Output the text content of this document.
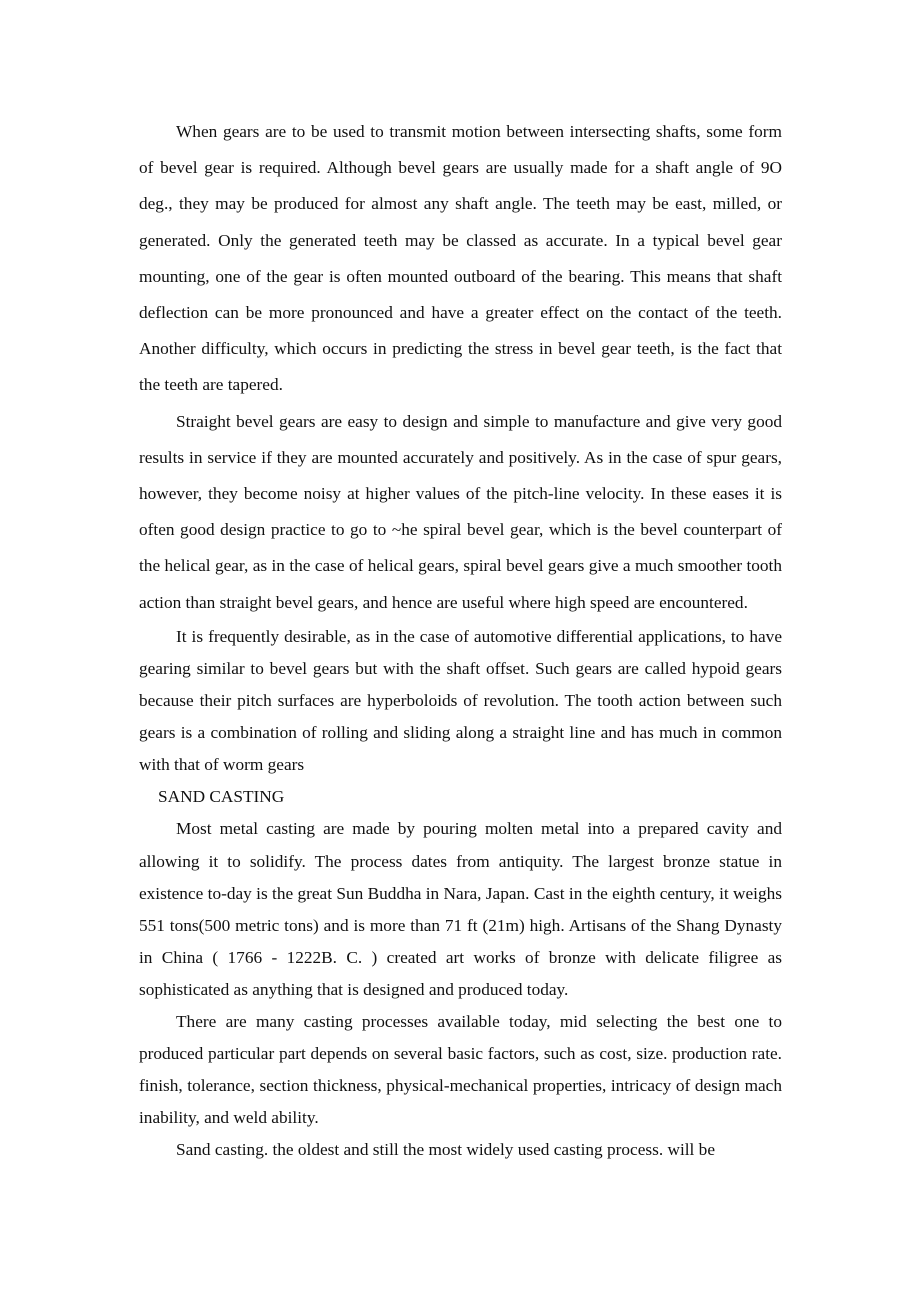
When gears are to be used to transmit motion between intersecting shafts, some form of bevel gear is required. Although bevel gears are usually made for a shaft angle of 9O deg., they may be produced for almost any shaft angle. The teeth may be east, milled, or generated. Only the generated teeth may be classed as accurate. In a typical bevel gear mounting, one of the gear is often mounted outboard of the bearing. This means that shaft deflection can be more pronounced and have a greater effect on the contact of the teeth. Another difficulty, which occurs in predicting the stress in bevel gear teeth, is the fact that the teeth are tapered.

Straight bevel gears are easy to design and simple to manufacture and give very good results in service if they are mounted accurately and positively. As in the case of spur gears, however, they become noisy at higher values of the pitch-line velocity. In these eases it is often good design practice to go to ~he spiral bevel gear, which is the bevel counterpart of the helical gear, as in the case of helical gears, spiral bevel gears give a much smoother tooth action than straight bevel gears, and hence are useful where high speed are encountered.

It is frequently desirable, as in the case of automotive differential applications, to have gearing similar to bevel gears but with the shaft offset. Such gears are called hypoid gears because their pitch surfaces are hyperboloids of revolution. The tooth action between such gears is a combination of rolling and sliding along a straight line and has much in common with that of worm gears

SAND CASTING

Most metal casting are made by pouring molten metal into a prepared cavity and allowing it to solidify. The process dates from antiquity. The largest bronze statue in existence to-day is the great Sun Buddha in Nara, Japan. Cast in the eighth century, it weighs 551 tons(500 metric tons) and is more than 71 ft (21m) high. Artisans of the Shang Dynasty in China ( 1766 - 1222B. C. ) created art works of bronze with delicate filigree as sophisticated as anything that is designed and produced today.

There are many casting processes available today, mid selecting the best one to produced particular part depends on several basic factors, such as cost, size. production rate. finish, tolerance, section thickness, physical-mechanical properties, intricacy of design mach inability, and weld ability.

Sand casting. the oldest and still the most widely used casting process. will be
